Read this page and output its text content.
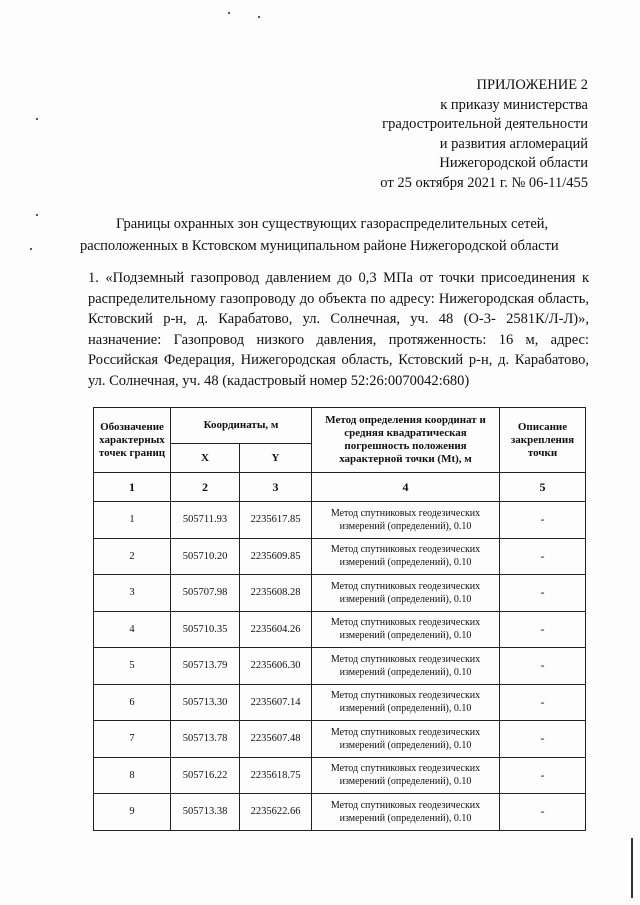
ПРИЛОЖЕНИЕ 2
к приказу министерства
градостроительной деятельности
и развития агломераций
Нижегородской области
от 25 октября 2021 г. № 06-11/455
Границы охранных зон существующих газораспределительных сетей, расположенных в Кстовском муниципальном районе Нижегородской области
1. «Подземный газопровод давлением до 0,3 МПа от точки присоединения к распределительному газопроводу до объекта по адресу: Нижегородская область, Кстовский р-н, д. Карабатово, ул. Солнечная, уч. 48 (О-3- 2581К/Л-Л)», назначение: Газопровод низкого давления, протяженность: 16 м, адрес: Российская Федерация, Нижегородская область, Кстовский р-н, д. Карабатово, ул. Солнечная, уч. 48 (кадастровый номер 52:26:0070042:680)
Обозначение характерных точек границ	Координаты, м		Метод определения координат и средняя квадратическая погрешность положения характерной точки (Mt), м	Описание закрепления точки
	X	Y		
1	2	3	4	5
1	505711.93	2235617.85	Метод спутниковых геодезических измерений (определений), 0.10	-
2	505710.20	2235609.85	Метод спутниковых геодезических измерений (определений), 0.10	-
3	505707.98	2235608.28	Метод спутниковых геодезических измерений (определений), 0.10	-
4	505710.35	2235604.26	Метод спутниковых геодезических измерений (определений), 0.10	-
5	505713.79	2235606.30	Метод спутниковых геодезических измерений (определений), 0.10	-
6	505713.30	2235607.14	Метод спутниковых геодезических измерений (определений), 0.10	-
7	505713.78	2235607.48	Метод спутниковых геодезических измерений (определений), 0.10	-
8	505716.22	2235618.75	Метод спутниковых геодезических измерений (определений), 0.10	-
9	505713.38	2235622.66	Метод спутниковых геодезических измерений (определений), 0.10	-
